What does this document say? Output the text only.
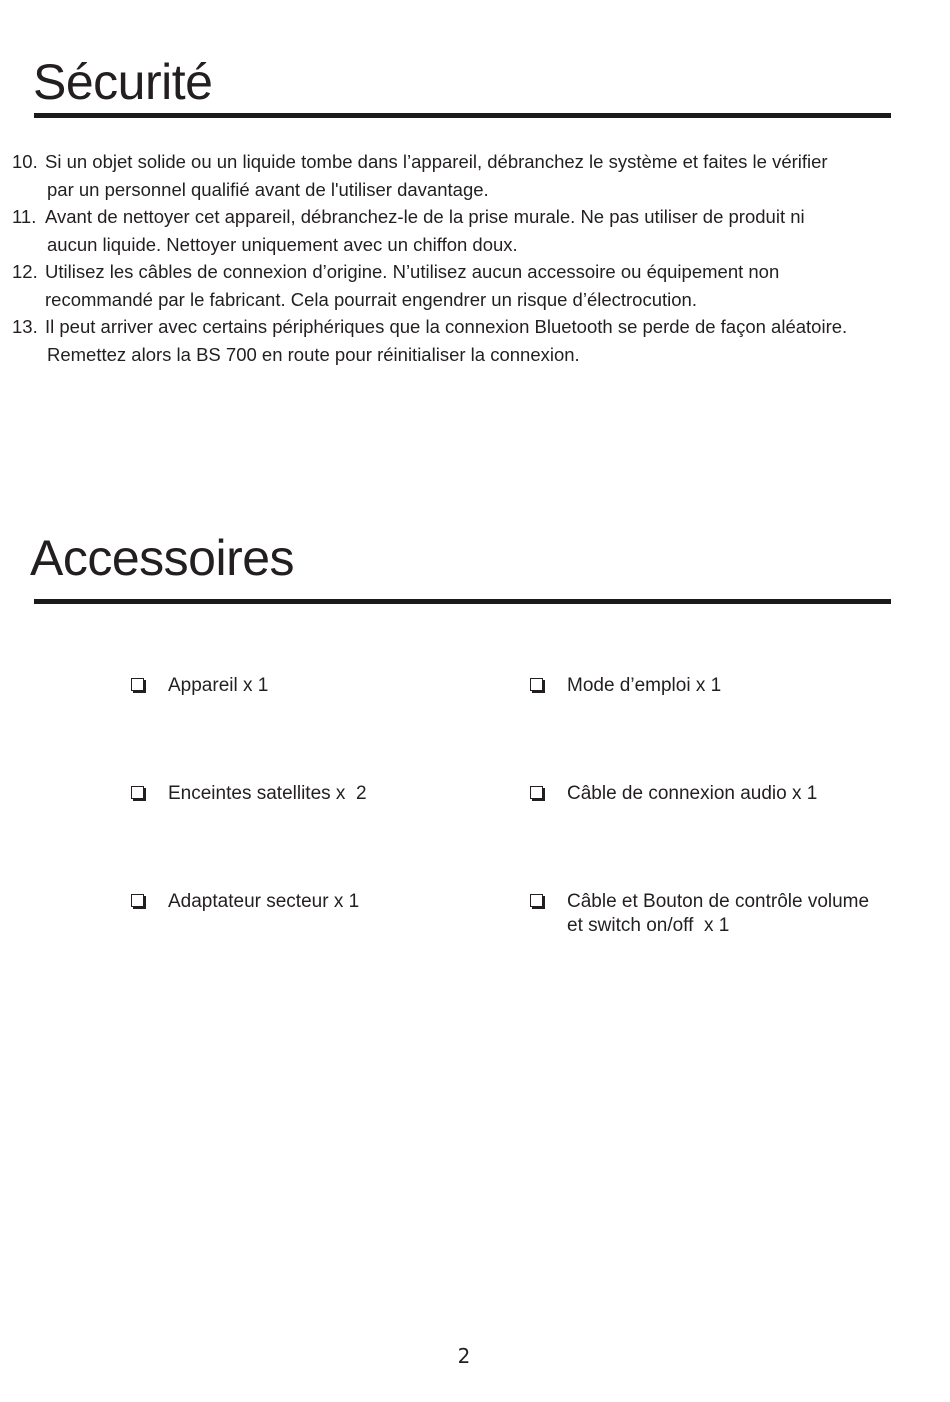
Sécurité
10. Si un objet solide ou un liquide tombe dans l’appareil, débranchez le système et faites le vérifier
par un personnel qualifié avant de l'utiliser davantage.
11. Avant de nettoyer cet appareil, débranchez-le de la prise murale. Ne pas utiliser de produit ni
aucun liquide. Nettoyer uniquement avec un chiffon doux.
12. Utilisez les câbles de connexion d’origine. N’utilisez aucun accessoire ou équipement non
recommandé par le fabricant. Cela pourrait engendrer un risque d’électrocution.
13. Il peut arriver avec certains périphériques que la connexion Bluetooth se perde de façon aléatoire.
Remettez alors la BS 700 en route pour réinitialiser la connexion.
Accessoires
Appareil x 1	Mode d’emploi x 1
Enceintes satellites x  2	Câble de connexion audio x 1
Adaptateur secteur x 1	Câble et Bouton de contrôle volume
et switch on/off  x 1
2
